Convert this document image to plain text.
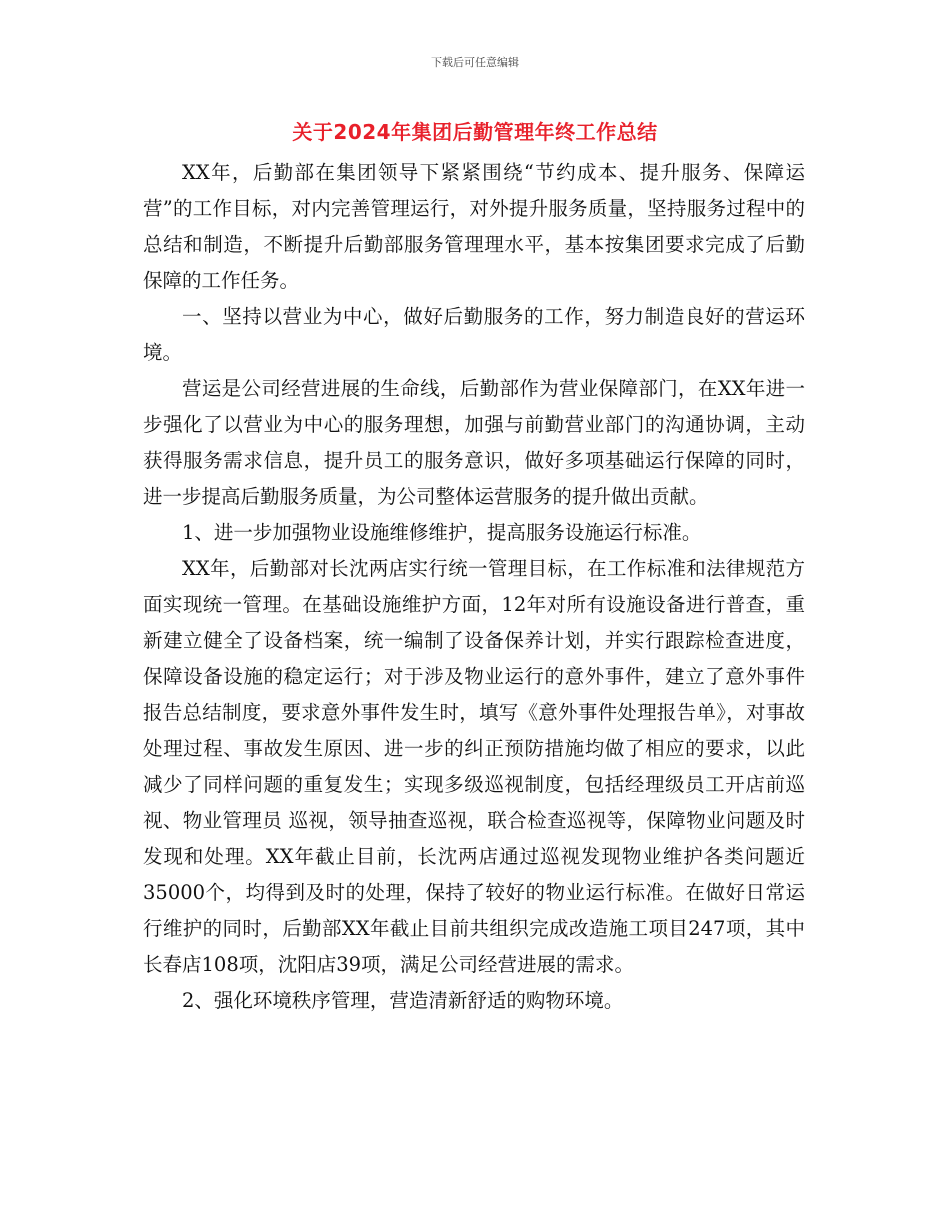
下载后可任意编辑
关于2024年集团后勤管理年终工作总结

XX年，后勤部在集团领导下紧紧围绕“节约成本、提升服务、保障运营”的工作目标，对内完善管理运行，对外提升服务质量，坚持服务过程中的总结和制造，不断提升后勤部服务管理理水平，基本按集团要求完成了后勤保障的工作任务。

一、坚持以营业为中心，做好后勤服务的工作，努力制造良好的营运环境。

营运是公司经营进展的生命线，后勤部作为营业保障部门，在XX年进一步强化了以营业为中心的服务理想，加强与前勤营业部门的沟通协调，主动获得服务需求信息，提升员工的服务意识，做好多项基础运行保障的同时，进一步提高后勤服务质量，为公司整体运营服务的提升做出贡献。

1、进一步加强物业设施维修维护，提高服务设施运行标准。

XX年，后勤部对长沈两店实行统一管理目标，在工作标准和法律规范方面实现统一管理。在基础设施维护方面，12年对所有设施设备进行普查，重新建立健全了设备档案，统一编制了设备保养计划，并实行跟踪检查进度，保障设备设施的稳定运行；对于涉及物业运行的意外事件，建立了意外事件报告总结制度，要求意外事件发生时，填写《意外事件处理报告单》，对事故处理过程、事故发生原因、进一步的纠正预防措施均做了相应的要求，以此减少了同样问题的重复发生；实现多级巡视制度，包括经理级员工开店前巡视、物业管理员 巡视，领导抽查巡视，联合检查巡视等，保障物业问题及时发现和处理。XX年截止目前，长沈两店通过巡视发现物业维护各类问题近35000个，均得到及时的处理，保持了较好的物业运行标准。在做好日常运行维护的同时，后勤部XX年截止目前共组织完成改造施工项目247项，其中长春店108项，沈阳店39项，满足公司经营进展的需求。

2、强化环境秩序管理，营造清新舒适的购物环境。
